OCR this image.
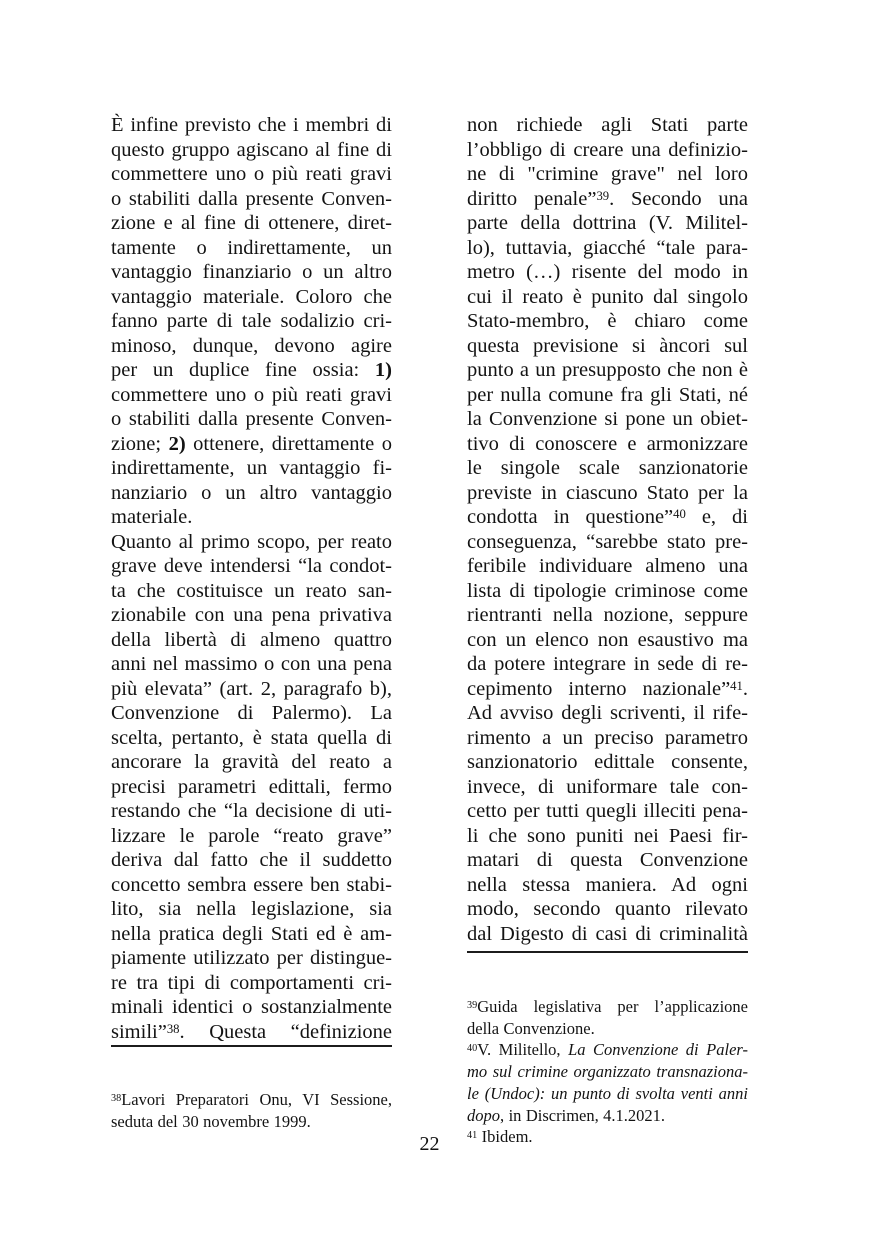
È infine previsto che i membri di
questo gruppo agiscano al fine di
commettere uno o più reati gravi
o stabiliti dalla presente Conven-
zione e al fine di ottenere, diret-
tamente o indirettamente, un
vantaggio finanziario o un altro
vantaggio materiale. Coloro che
fanno parte di tale sodalizio cri-
minoso, dunque, devono agire
per un duplice fine ossia: 1)
commettere uno o più reati gravi
o stabiliti dalla presente Conven-
zione; 2) ottenere, direttamente o
indirettamente, un vantaggio fi-
nanziario o un altro vantaggio
materiale.
Quanto al primo scopo, per reato
grave deve intendersi “la condot-
ta che costituisce un reato san-
zionabile con una pena privativa
della libertà di almeno quattro
anni nel massimo o con una pena
più elevata” (art. 2, paragrafo b),
Convenzione di Palermo). La
scelta, pertanto, è stata quella di
ancorare la gravità del reato a
precisi parametri edittali, fermo
restando che “la decisione di uti-
lizzare le parole “reato grave”
deriva dal fatto che il suddetto
concetto sembra essere ben stabi-
lito, sia nella legislazione, sia
nella pratica degli Stati ed è am-
piamente utilizzato per distingue-
re tra tipi di comportamenti cri-
minali identici o sostanzialmente
simili”$^{38}$. Questa “definizione
non richiede agli Stati parte
l’obbligo di creare una definizio-
ne di "crimine grave" nel loro
diritto penale”$^{39}$. Secondo una
parte della dottrina (V. Militel-
lo), tuttavia, giacché “tale para-
metro (…) risente del modo in
cui il reato è punito dal singolo
Stato-membro, è chiaro come
questa previsione si àncori sul
punto a un presupposto che non è
per nulla comune fra gli Stati, né
la Convenzione si pone un obiet-
tivo di conoscere e armonizzare
le singole scale sanzionatorie
previste in ciascuno Stato per la
condotta in questione”$^{40}$ e, di
conseguenza, “sarebbe stato pre-
feribile individuare almeno una
lista di tipologie criminose come
rientranti nella nozione, seppure
con un elenco non esaustivo ma
da potere integrare in sede di re-
cepimento interno nazionale”$^{41}$.
Ad avviso degli scriventi, il rife-
rimento a un preciso parametro
sanzionatorio edittale consente,
invece, di uniformare tale con-
cetto per tutti quegli illeciti pena-
li che sono puniti nei Paesi fir-
matari di questa Convenzione
nella stessa maniera. Ad ogni
modo, secondo quanto rilevato
dal Digesto di casi di criminalità
$^{38}$Lavori Preparatori Onu, VI Sessione,
seduta del 30 novembre 1999.
$^{39}$Guida legislativa per l’applicazione
della Convenzione.
$^{40}$V. Militello, La Convenzione di Paler-
mo sul crimine organizzato transnaziona-
le (Undoc): un punto di svolta venti anni
dopo, in Discrimen, 4.1.2021.
$^{41}$ Ibidem.
22
